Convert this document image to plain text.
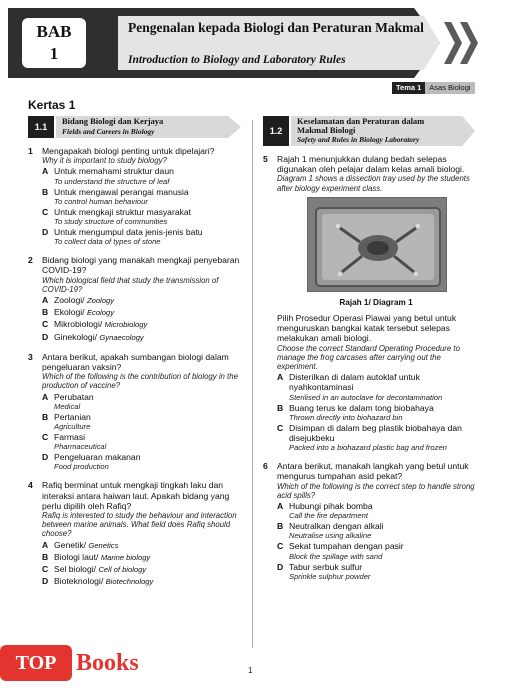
BAB
1
Pengenalan kepada Biologi dan Peraturan Makmal
Introduction to Biology and Laboratory Rules
Tema 1	Asas Biologi
Kertas 1
1.1
Bidang Biologi dan Kerjaya
Fields and Careers in Biology
1 Mengapakah biologi penting untuk dipelajari?
Why it is important to study biology?
A Untuk memahami struktur daun
To understand the structure of leaf
B Untuk mengawal perangai manusia
To control human behaviour
C Untuk mengkaji struktur masyarakat
To study structure of communities
D Untuk mengumpul data jenis-jenis batu
To collect data of types of stone
2 Bidang biologi yang manakah mengkaji penyebaran COVID-19?
Which biological field that study the transmission of COVID-19?
A Zoologi/ Zoology
B Ekologi/ Ecology
C Mikrobiologi/ Microbiology
D Ginekologi/ Gynaecology
3 Antara berikut, apakah sumbangan biologi dalam pengeluaran vaksin?
Which of the following is the contribution of biology in the production of vaccine?
A Perubatan
Medical
B Pertanian
Agriculture
C Farmasi
Pharmaceutical
D Pengeluaran makanan
Food production
4 Rafiq berminat untuk mengkaji tingkah laku dan interaksi antara haiwan laut. Apakah bidang yang perlu dipilih oleh Rafiq?
Rafiq is interested to study the behaviour and interaction between marine animals. What field does Rafiq should choose?
A Genetik/ Genetics
B Biologi laut/ Marine biology
C Sel biologi/ Cell of biology
D Bioteknologi/ Biotechnology
1.2
Keselamatan dan Peraturan dalam Makmal Biologi
Safety and Rules in Biology Laboratory
5 Rajah 1 menunjukkan dulang bedah selepas digunakan oleh pelajar dalam kelas amali biologi.
Diagram 1 shows a dissection tray used by the students after biology experiment class.
Rajah 1/ Diagram 1
Pilih Prosedur Operasi Piawai yang betul untuk menguruskan bangkai katak tersebut selepas melakukan amali biologi.
Choose the correct Standard Operating Procedure to manage the frog carcases after carrying out the experiment.
A Disterilkan di dalam autoklaf untuk nyahkontaminasi
Sterilised in an autoclave for decontamination
B Buang terus ke dalam tong biobahaya
Thrown directly into biohazard bin
C Disimpan di dalam beg plastik biobahaya dan disejukbeku
Packed into a biohazard plastic bag and frozen
6 Antara berikut, manakah langkah yang betul untuk mengurus tumpahan asid pekat?
Which of the following is the correct step to handle strong acid spills?
A Hubungi pihak bomba
Call the fire department
B Neutralkan dengan alkali
Neutralise using alkaline
C Sekat tumpahan dengan pasir
Block the spillage with sand
D Tabur serbuk sulfur
Sprinkle sulphur powder
1
TOP Books
